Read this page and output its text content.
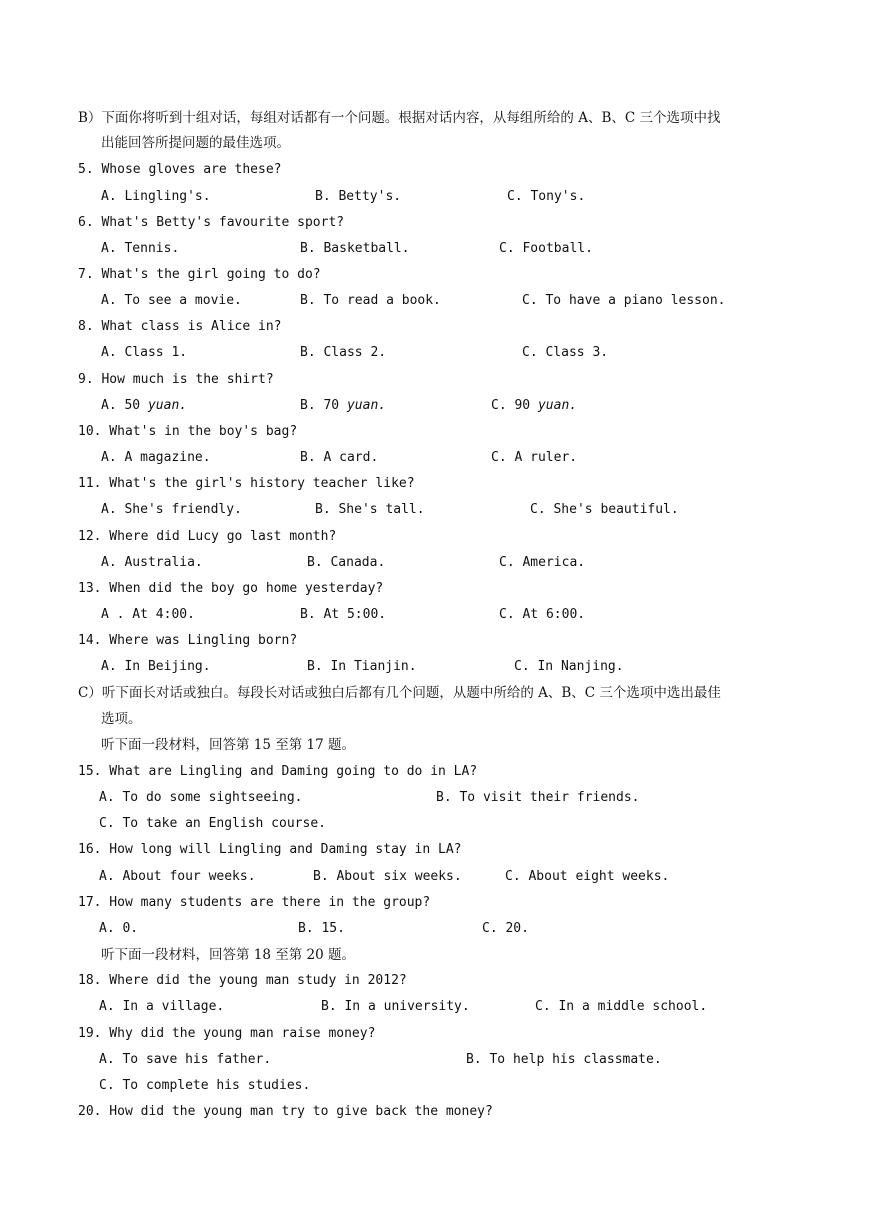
B）下面你将听到十组对话，每组对话都有一个问题。根据对话内容，从每组所给的 A、B、C 三个选项中找
出能回答所提问题的最佳选项。
5. Whose gloves are these?
A. Lingling's.	B. Betty's.	C. Tony's.
6. What's Betty's favourite sport?
A. Tennis.	B. Basketball.	C. Football.
7. What's the girl going to do?
A. To see a movie.	B. To read a book.	C. To have a piano lesson.
8. What class is Alice in?
A. Class 1.	B. Class 2.	C. Class 3.
9. How much is the shirt?
A. 50 yuan.	B. 70 yuan.	C. 90 yuan.
10. What's in the boy's bag?
A. A magazine.	B. A card.	C. A ruler.
11. What's the girl's history teacher like?
A. She's friendly.	B. She's tall.	C. She's beautiful.
12. Where did Lucy go last month?
A. Australia.	B. Canada.	C. America.
13. When did the boy go home yesterday?
A . At 4:00.	B. At 5:00.	C. At 6:00.
14. Where was Lingling born?
A. In Beijing.	B. In Tianjin.	C. In Nanjing.
C）听下面长对话或独白。每段长对话或独白后都有几个问题，从题中所给的 A、B、C 三个选项中选出最佳
选项。
听下面一段材料，回答第 15 至第 17 题。
15. What are Lingling and Daming going to do in LA?
A. To do some sightseeing.	B. To visit their friends.
C. To take an English course.
16. How long will Lingling and Daming stay in LA?
A. About four weeks.	B. About six weeks.	C. About eight weeks.
17. How many students are there in the group?
A. 0.	B. 15.	C. 20.
听下面一段材料，回答第 18 至第 20 题。
18. Where did the young man study in 2012?
A. In a village.	B. In a university.	C. In a middle school.
19. Why did the young man raise money?
A. To save his father.	B. To help his classmate.
C. To complete his studies.
20. How did the young man try to give back the money?
